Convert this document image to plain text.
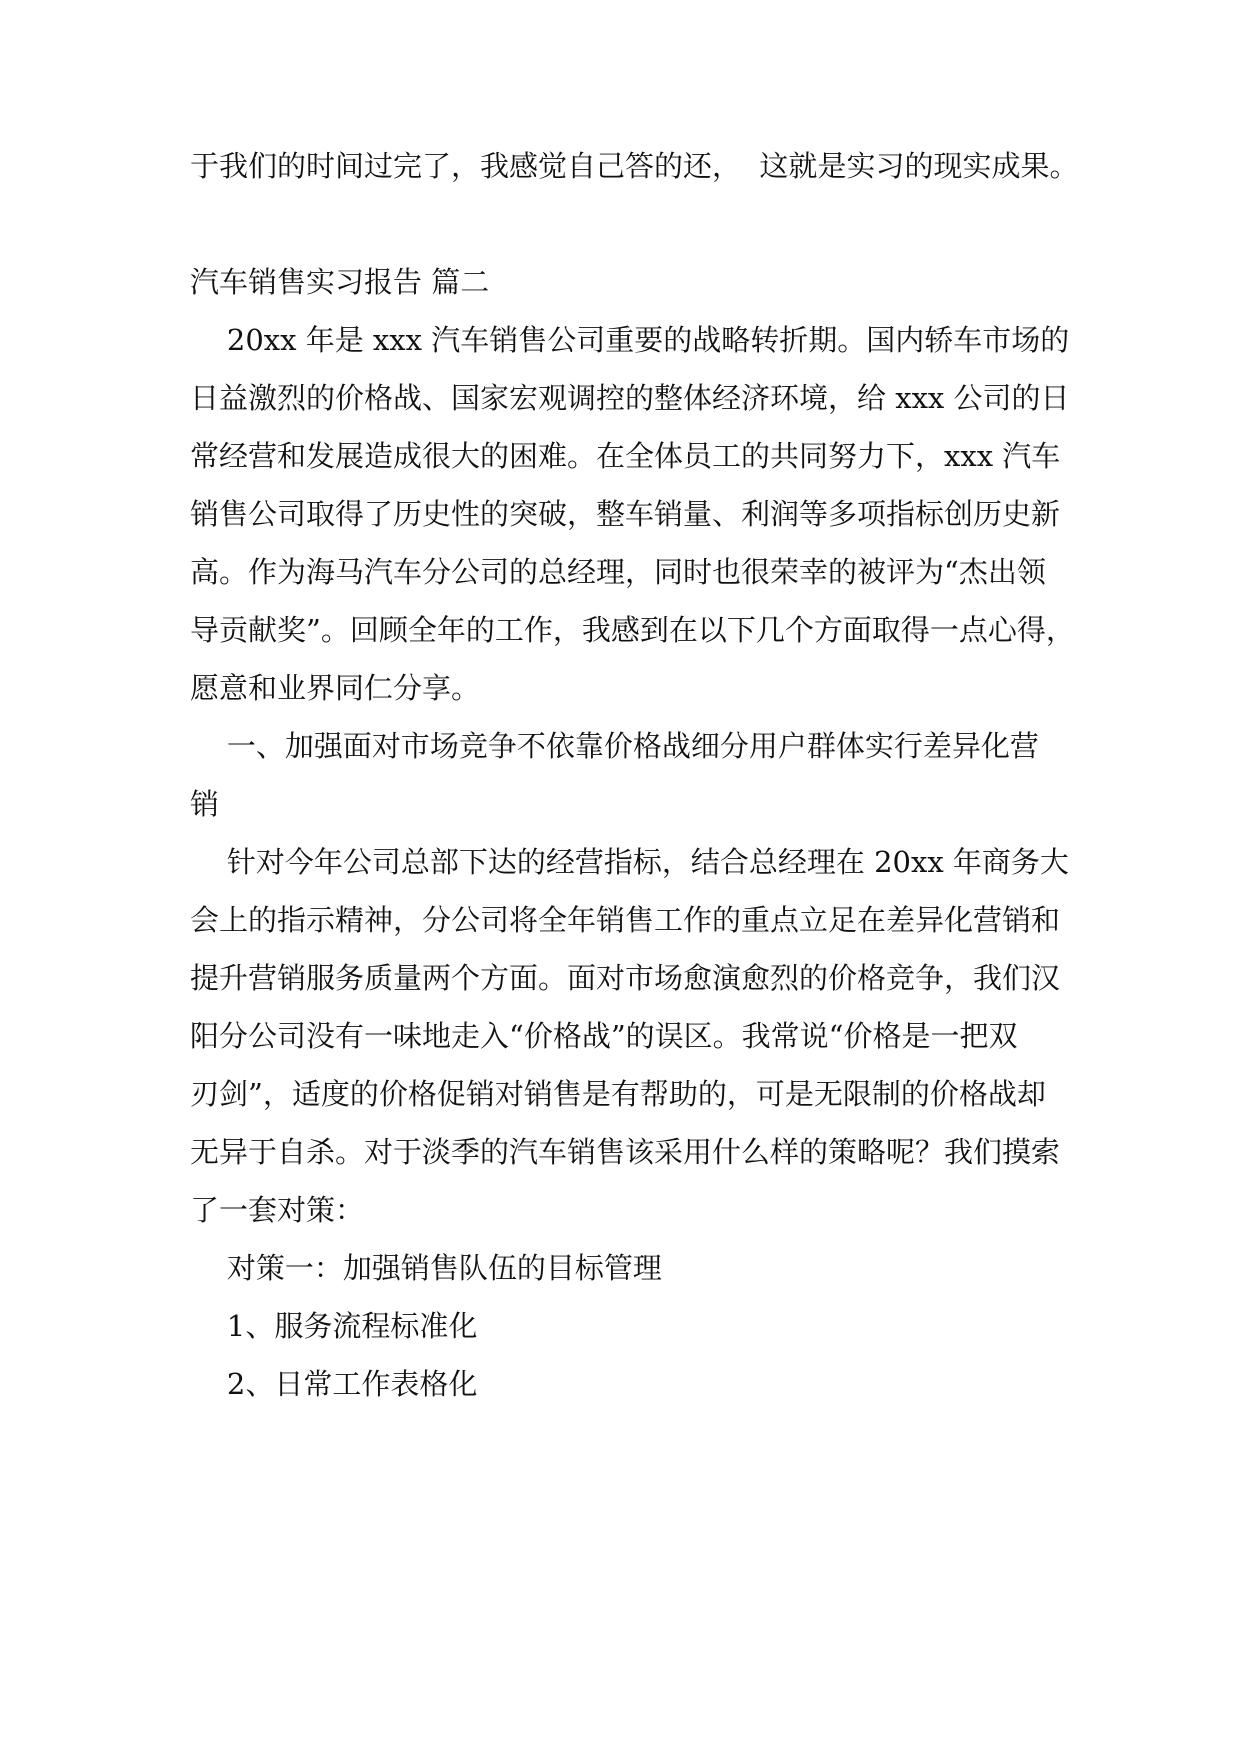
于我们的时间过完了，我感觉自己答的还，  这就是实习的现实成果。
汽车销售实习报告 篇二
20xx 年是 xxx 汽车销售公司重要的战略转折期。国内轿车市场的
日益激烈的价格战、国家宏观调控的整体经济环境，给 xxx 公司的日
常经营和发展造成很大的困难。在全体员工的共同努力下，xxx 汽车
销售公司取得了历史性的突破，整车销量、利润等多项指标创历史新
高。作为海马汽车分公司的总经理，同时也很荣幸的被评为“杰出领
导贡献奖”。回顾全年的工作，我感到在以下几个方面取得一点心得，
愿意和业界同仁分享。
一、加强面对市场竞争不依靠价格战细分用户群体实行差异化营
销
针对今年公司总部下达的经营指标，结合总经理在 20xx 年商务大
会上的指示精神，分公司将全年销售工作的重点立足在差异化营销和
提升营销服务质量两个方面。面对市场愈演愈烈的价格竞争，我们汉
阳分公司没有一味地走入“价格战”的误区。我常说“价格是一把双
刃剑”，适度的价格促销对销售是有帮助的，可是无限制的价格战却
无异于自杀。对于淡季的汽车销售该采用什么样的策略呢？我们摸索
了一套对策：
对策一：加强销售队伍的目标管理
1、服务流程标准化
2、日常工作表格化
